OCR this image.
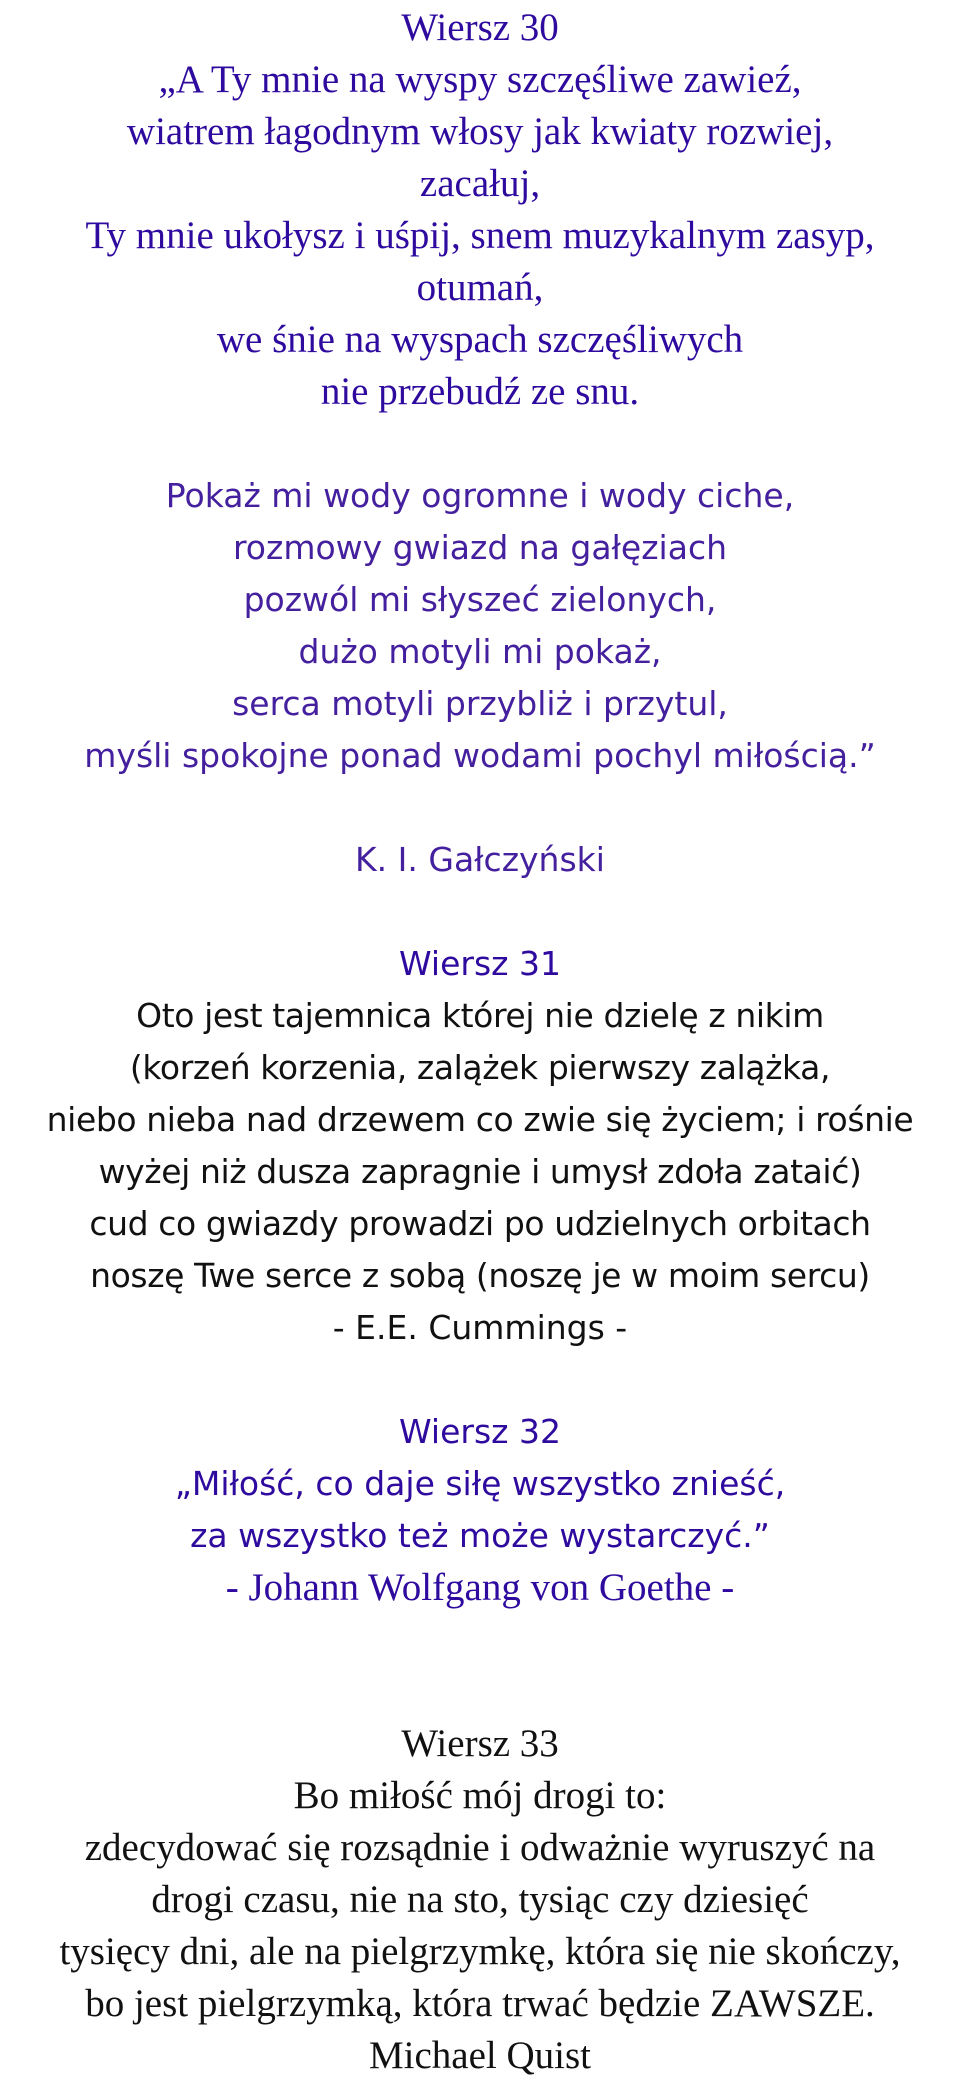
Wiersz 30
„A Ty mnie na wyspy szczęśliwe zawieź,
wiatrem łagodnym włosy jak kwiaty rozwiej,
zacałuj,
Ty mnie ukołysz i uśpij, snem muzykalnym zasyp,
otumań,
we śnie na wyspach szczęśliwych
nie przebudź ze snu.
Pokaż mi wody ogromne i wody ciche,
rozmowy gwiazd na gałęziach
pozwól mi słyszeć zielonych,
dużo motyli mi pokaż,
serca motyli przybliż i przytul,
myśli spokojne ponad wodami pochyl miłością.”
K. I. Gałczyński
Wiersz 31
Oto jest tajemnica której nie dzielę z nikim
(korzeń korzenia, zalążek pierwszy zalążka,
niebo nieba nad drzewem co zwie się życiem; i rośnie
wyżej niż dusza zapragnie i umysł zdoła zataić)
cud co gwiazdy prowadzi po udzielnych orbitach
noszę Twe serce z sobą (noszę je w moim sercu)
- E.E. Cummings -
Wiersz 32
„Miłość, co daje siłę wszystko znieść,
za wszystko też może wystarczyć.”
- Johann Wolfgang von Goethe -
Wiersz 33
Bo miłość mój drogi to:
zdecydować się rozsądnie i odważnie wyruszyć na
drogi czasu, nie na sto, tysiąc czy dziesięć
tysięcy dni, ale na pielgrzymkę, która się nie skończy,
bo jest pielgrzymką, która trwać będzie ZAWSZE.
Michael Quist
